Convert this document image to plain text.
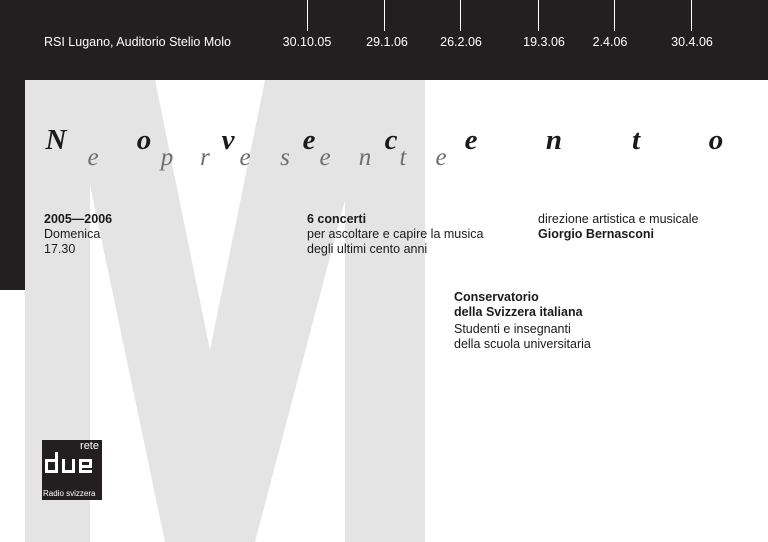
RSI Lugano, Auditorio Stelio Molo	30.10.05	29.1.06	26.2.06	19.3.06 2.4.06	30.4.06
N o v e c e n t o
e p r e s e n t e
2005—2006
Domenica
17.30
6 concerti
per ascoltare e capire la musica
degli ultimi cento anni
direzione artistica e musicale
Giorgio Bernasconi
Conservatorio
della Svizzera italiana
Studenti e insegnanti
della scuola universitaria
rete
Radio svizzera
